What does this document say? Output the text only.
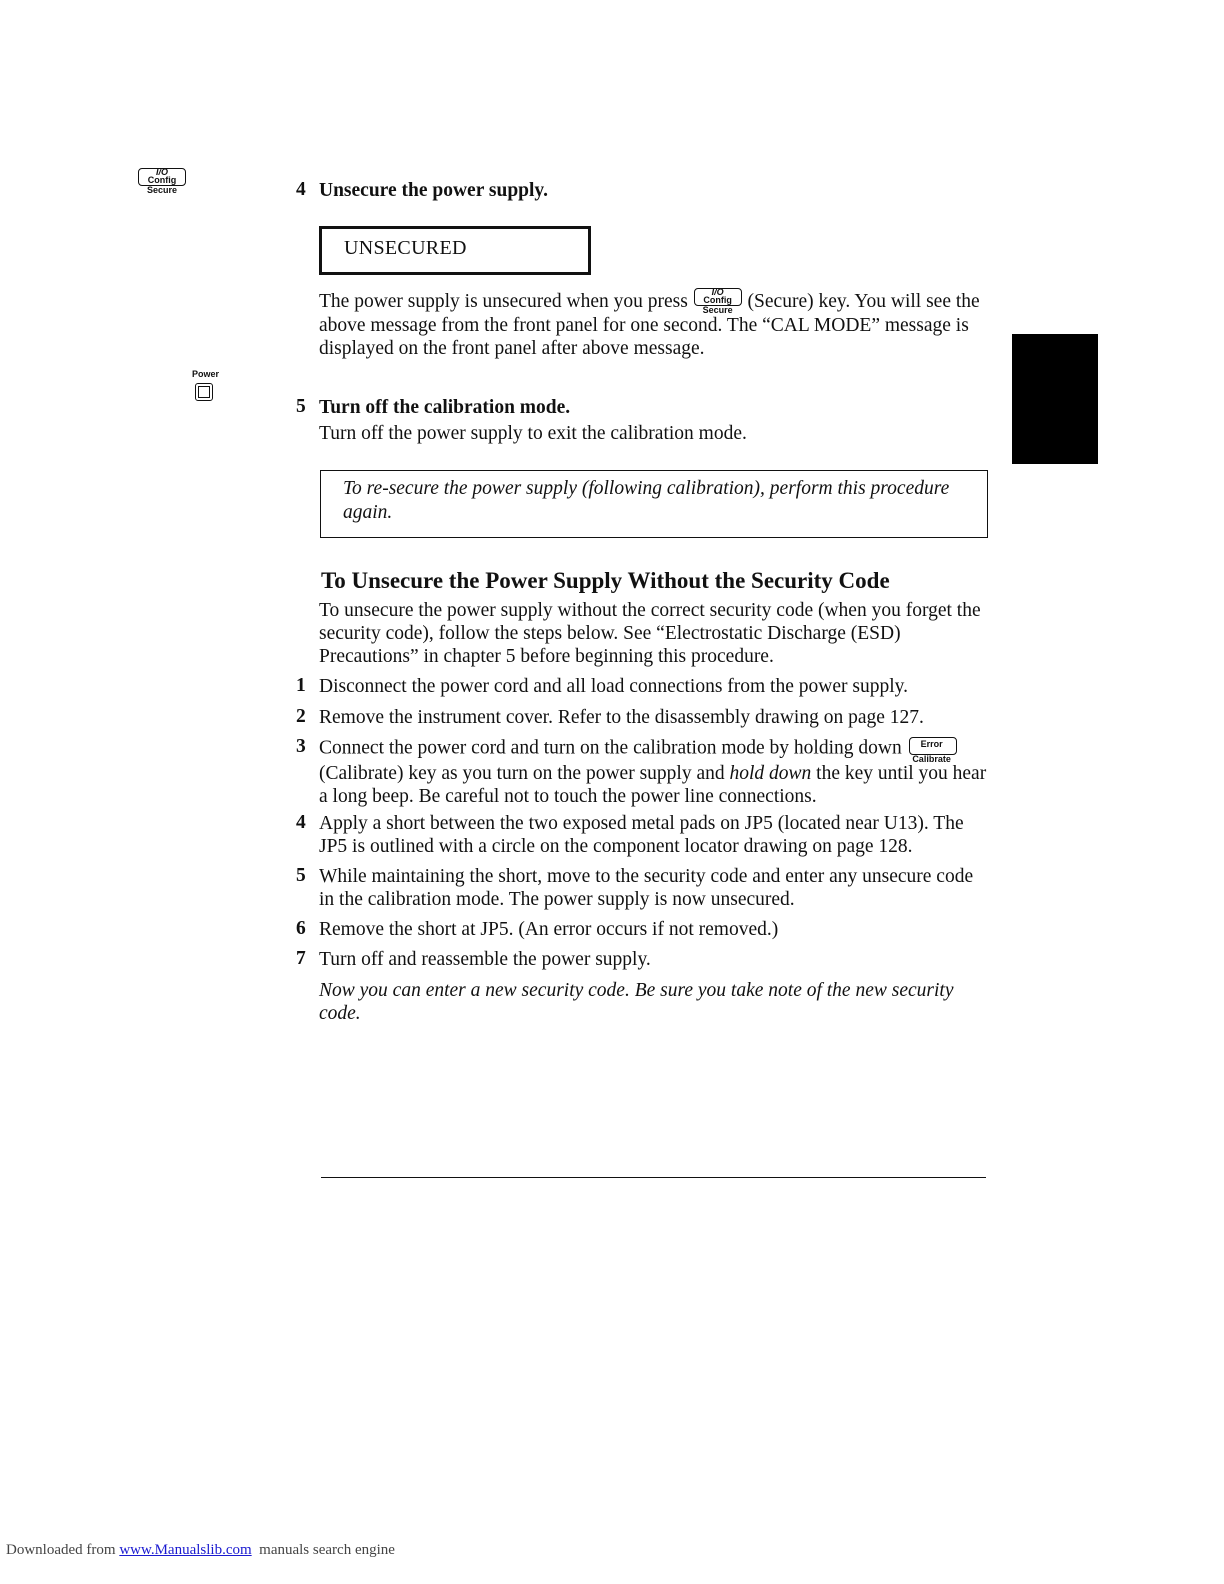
I/O
Config
Secure

Power
4 Unsecure the power supply.
UNSECURED
The power supply is unsecured when you press	I/O
Config
Secure (Secure) key. You will see the above message from the front panel for one second. The “CAL MODE” message is displayed on the front panel after above message.
5 Turn off the calibration mode.
Turn off the power supply to exit the calibration mode.

To re-secure the power supply (following calibration), perform this procedure again.

To Unsecure the Power Supply Without the Security Code
To unsecure the power supply without the correct security code (when you forget the security code), follow the steps below. See “Electrostatic Discharge (ESD) Precautions” in chapter 5 before beginning this procedure.
1 Disconnect the power cord and all load connections from the power supply.
2 Remove the instrument cover. Refer to the disassembly drawing on page 127.
3 Connect the power cord and turn on the calibration mode by holding down	Error
Calibrate
(Calibrate) key as you turn on the power supply and hold down the key until you hear a long beep. Be careful not to touch the power line connections.
4 Apply a short between the two exposed metal pads on JP5 (located near U13). The JP5 is outlined with a circle on the component locator drawing on page 128.
5 While maintaining the short, move to the security code and enter any unsecure code in the calibration mode. The power supply is now unsecured.
6 Remove the short at JP5. (An error occurs if not removed.)
7 Turn off and reassemble the power supply.
Now you can enter a new security code. Be sure you take note of the new security code.
Downloaded from www.Manualslib.com  manuals search engine
